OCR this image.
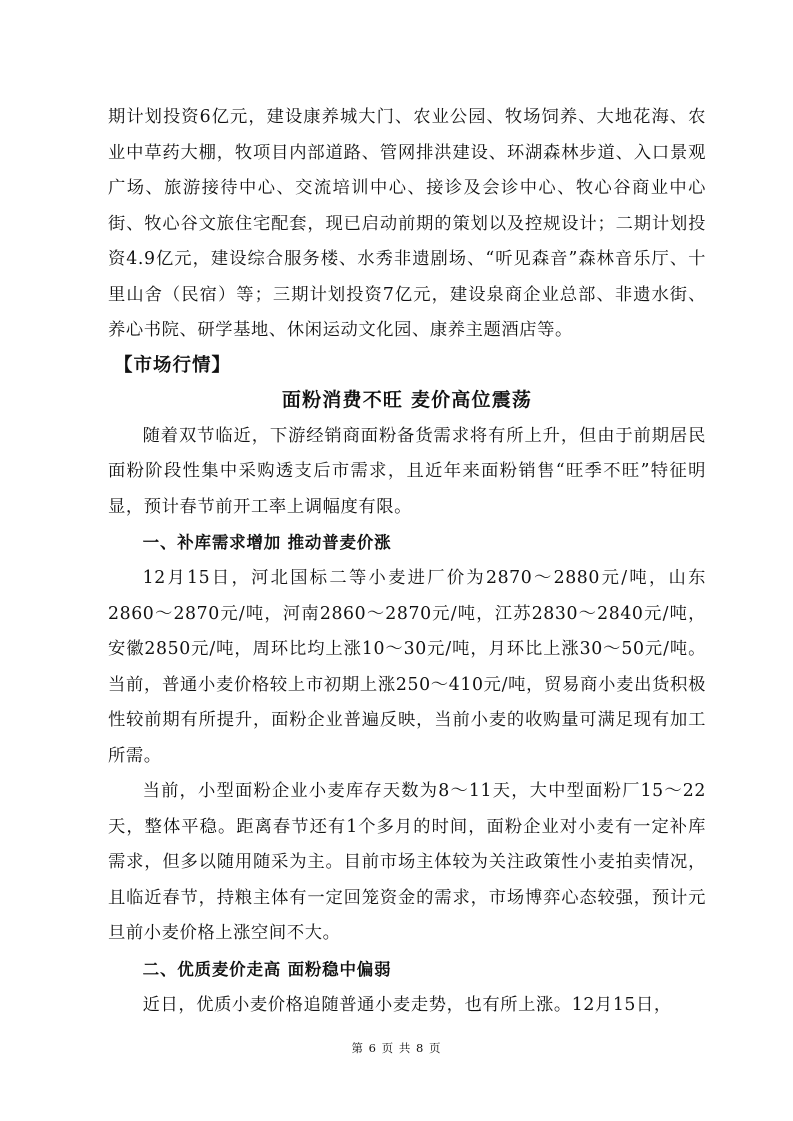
期计划投资6亿元，建设康养城大门、农业公园、牧场饲养、大地花海、农业中草药大棚，牧项目内部道路、管网排洪建设、环湖森林步道、入口景观广场、旅游接待中心、交流培训中心、接诊及会诊中心、牧心谷商业中心街、牧心谷文旅住宅配套，现已启动前期的策划以及控规设计；二期计划投资4.9亿元，建设综合服务楼、水秀非遗剧场、“听见森音”森林音乐厅、十里山舍（民宿）等；三期计划投资7亿元，建设泉商企业总部、非遗水街、养心书院、研学基地、休闲运动文化园、康养主题酒店等。

【市场行情】

面粉消费不旺 麦价高位震荡

随着双节临近，下游经销商面粉备货需求将有所上升，但由于前期居民面粉阶段性集中采购透支后市需求，且近年来面粉销售“旺季不旺”特征明显，预计春节前开工率上调幅度有限。

一、补库需求增加 推动普麦价涨

12月15日，河北国标二等小麦进厂价为2870～2880元/吨，山东2860～2870元/吨，河南2860～2870元/吨，江苏2830～2840元/吨，安徽2850元/吨，周环比均上涨10～30元/吨，月环比上涨30～50元/吨。当前，普通小麦价格较上市初期上涨250～410元/吨，贸易商小麦出货积极性较前期有所提升，面粉企业普遍反映，当前小麦的收购量可满足现有加工所需。

当前，小型面粉企业小麦库存天数为8～11天，大中型面粉厂15～22天，整体平稳。距离春节还有1个多月的时间，面粉企业对小麦有一定补库需求，但多以随用随采为主。目前市场主体较为关注政策性小麦拍卖情况，且临近春节，持粮主体有一定回笼资金的需求，市场博弈心态较强，预计元旦前小麦价格上涨空间不大。

二、优质麦价走高 面粉稳中偏弱

近日，优质小麦价格追随普通小麦走势，也有所上涨。12月15日，

第 6 页 共 8 页
